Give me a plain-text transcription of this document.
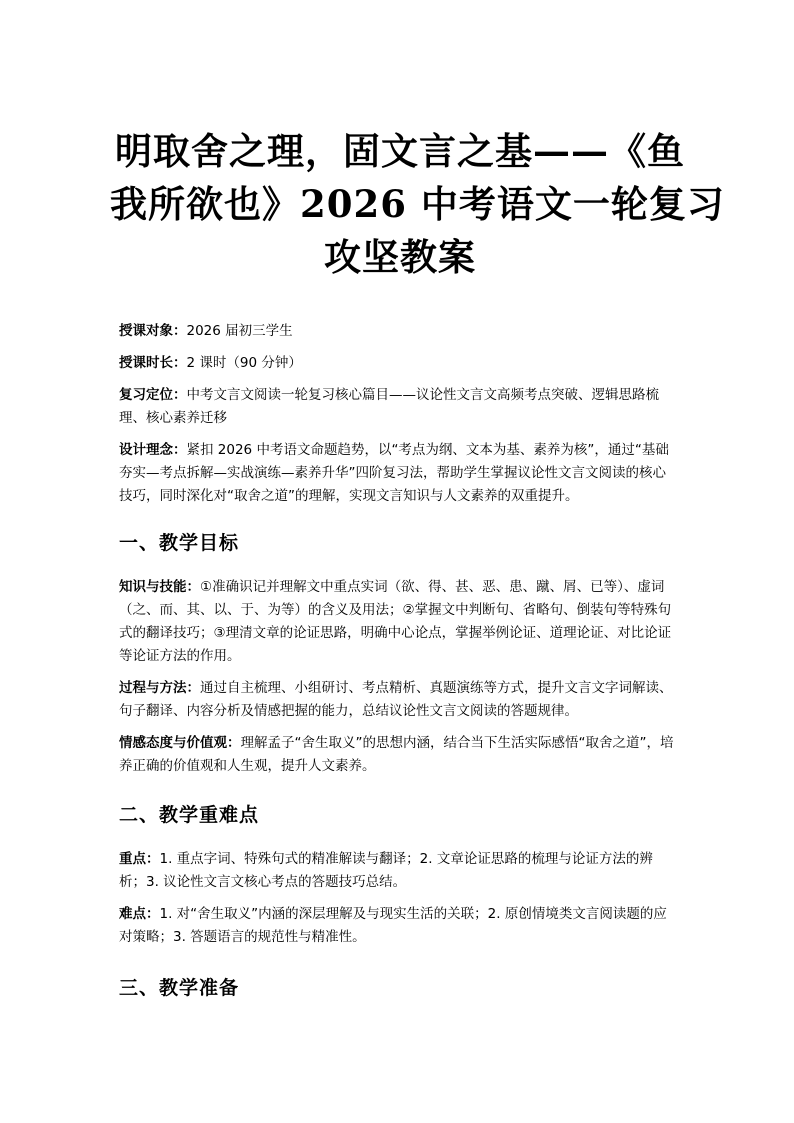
明取舍之理，固文言之基——《鱼
我所欲也》2026 中考语文一轮复习
攻坚教案

授课对象：2026 届初三学生

授课时长：2 课时（90 分钟）

复习定位：中考文言文阅读一轮复习核心篇目——议论性文言文高频考点突破、逻辑思路梳理、核心素养迁移

设计理念：紧扣 2026 中考语文命题趋势，以“考点为纲、文本为基、素养为核”，通过“基础夯实—考点拆解—实战演练—素养升华”四阶复习法，帮助学生掌握议论性文言文阅读的核心技巧，同时深化对“取舍之道”的理解，实现文言知识与人文素养的双重提升。

一、教学目标

知识与技能：①准确识记并理解文中重点实词（欲、得、甚、恶、患、蹴、屑、已等）、虚词（之、而、其、以、于、为等）的含义及用法；②掌握文中判断句、省略句、倒装句等特殊句式的翻译技巧；③理清文章的论证思路，明确中心论点，掌握举例论证、道理论证、对比论证等论证方法的作用。

过程与方法：通过自主梳理、小组研讨、考点精析、真题演练等方式，提升文言文字词解读、句子翻译、内容分析及情感把握的能力，总结议论性文言文阅读的答题规律。

情感态度与价值观：理解孟子“舍生取义”的思想内涵，结合当下生活实际感悟“取舍之道”，培养正确的价值观和人生观，提升人文素养。

二、教学重难点

重点：1. 重点字词、特殊句式的精准解读与翻译；2. 文章论证思路的梳理与论证方法的辨析；3. 议论性文言文核心考点的答题技巧总结。

难点：1. 对“舍生取义”内涵的深层理解及与现实生活的关联；2. 原创情境类文言阅读题的应对策略；3. 答题语言的规范性与精准性。

三、教学准备
